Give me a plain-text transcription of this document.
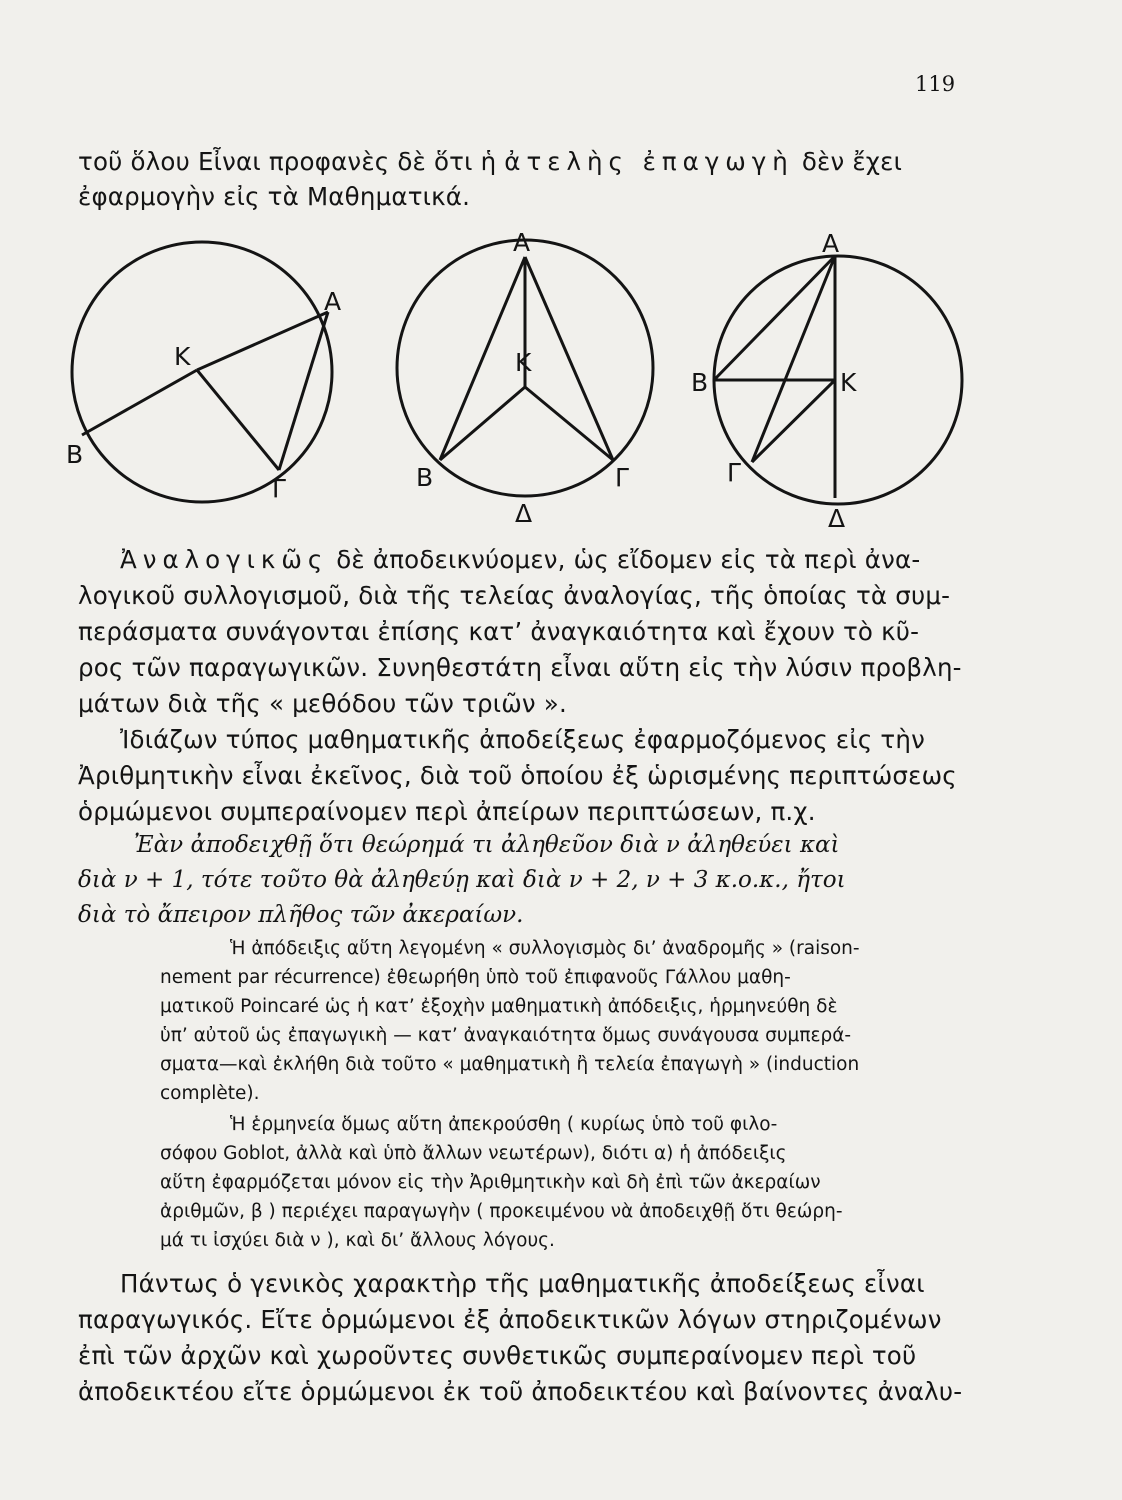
119
τοῦ ὅλου Εἶναι προφανὲς δὲ ὅτι ἡ ἀτελὴς ἐπαγωγὴ δὲν ἔχει
ἐφαρμογὴν εἰς τὰ Μαθηματικά.
A
B
Γ
K
A
B	Γ
K
Δ
A
B
Γ
K
Δ
Ἀναλογικῶς δὲ ἀποδεικνύομεν, ὡς εἴδομεν εἰς τὰ περὶ ἀνα-
λογικοῦ συλλογισμοῦ, διὰ τῆς τελείας ἀναλογίας, τῆς ὁποίας τὰ συμ-
περάσματα συνάγονται ἐπίσης κατ’ ἀναγκαιότητα καὶ ἔχουν τὸ κῦ-
ρος τῶν παραγωγικῶν. Συνηθεστάτη εἶναι αὕτη εἰς τὴν λύσιν προβλη-
μάτων διὰ τῆς « μεθόδου τῶν τριῶν ».
Ἰδιάζων τύπος μαθηματικῆς ἀποδείξεως ἐφαρμοζόμενος εἰς τὴν
Ἀριθμητικὴν εἶναι ἐκεῖνος, διὰ τοῦ ὁποίου ἐξ ὡρισμένης περιπτώσεως
ὁρμώμενοι συμπεραίνομεν περὶ ἀπείρων περιπτώσεων, π.χ.
Ἐὰν ἀποδειχθῇ ὅτι θεώρημά τι ἀληθεῦον διὰ ν ἀληθεύει καὶ
διὰ ν + 1, τότε τοῦτο θὰ ἀληθεύῃ καὶ διὰ ν + 2, ν + 3 κ.ο.κ., ἤτοι
διὰ τὸ ἄπειρον πλῆθος τῶν ἀκεραίων.
Ἡ ἀπόδειξις αὕτη λεγομένη « συλλογισμὸς δι’ ἀναδρομῆς » (raison-
nement par récurrence) ἐθεωρήθη ὑπὸ τοῦ ἐπιφανοῦς Γάλλου μαθη-
ματικοῦ Poincaré ὡς ἡ κατ’ ἐξοχὴν μαθηματικὴ ἀπόδειξις, ἡρμηνεύθη δὲ
ὑπ’ αὐτοῦ ὡς ἐπαγωγικὴ — κατ’ ἀναγκαιότητα ὅμως συνάγουσα συμπερά-
σματα—καὶ ἐκλήθη διὰ τοῦτο « μαθηματικὴ ἢ τελεία ἐπαγωγὴ » (induction
complète).
Ἡ ἑρμηνεία ὅμως αὕτη ἀπεκρούσθη ( κυρίως ὑπὸ τοῦ φιλο-
σόφου Goblot, ἀλλὰ καὶ ὑπὸ ἄλλων νεωτέρων), διότι α) ἡ ἀπόδειξις
αὕτη ἐφαρμόζεται μόνον εἰς τὴν Ἀριθμητικὴν καὶ δὴ ἐπὶ τῶν ἀκεραίων
ἀριθμῶν, β ) περιέχει παραγωγὴν ( προκειμένου νὰ ἀποδειχθῇ ὅτι θεώρη-
μά τι ἰσχύει διὰ ν ), καὶ δι’ ἄλλους λόγους.
Πάντως ὁ γενικὸς χαρακτὴρ τῆς μαθηματικῆς ἀποδείξεως εἶναι
παραγωγικός. Εἴτε ὁρμώμενοι ἐξ ἀποδεικτικῶν λόγων στηριζομένων
ἐπὶ τῶν ἀρχῶν καὶ χωροῦντες συνθετικῶς συμπεραίνομεν περὶ τοῦ
ἀποδεικτέου εἴτε ὁρμώμενοι ἐκ τοῦ ἀποδεικτέου καὶ βαίνοντες ἀναλυ-
